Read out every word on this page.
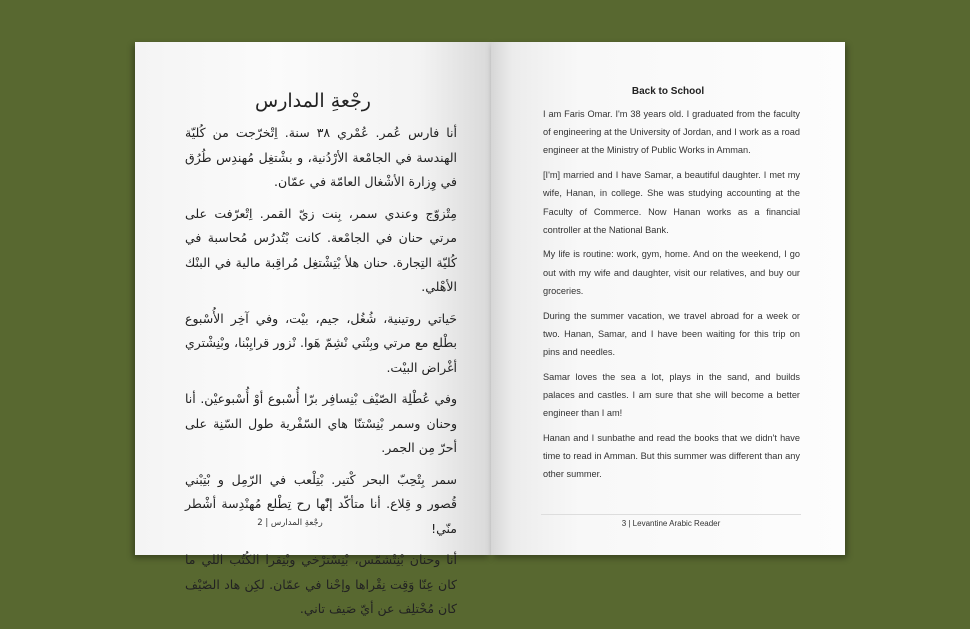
رجْعةِ المدارس

أنا فارس عُمر. عُمْري ٣٨ سنة. اِتْخرّجت من كُليّة الهندسة في الجامْعة الأرْدُنية، و بشْتغِل مُهندِس طُرُق في وِزارة الأشْغال العامّة في عمّان.

مِتْزوّج وعندي سمر، بِنت زيّ القمر. اِتْعرّفت على مرتي حنان في الجامْعة. كانت بْتُدرُس مُحاسبة في كُليّة التِجارة. حنان هلأ بْتِشْتغِل مُراقِبة مالية في البنْك الأهْلي.

حَياتي روتينية، شُغُل، جيم، بيْت، وفي آخِر الأُسْبوع بطْلع مع مرتي وبِنْتي نْشِمّ هَوا. نْزور قرايِبْنا، وبْنِشْتري أغْراض البيْت.

وفي عُطْلِة الصّيْف بْنِسافِر برّا أُسْبوع أوْ أُسْبوعيْن. أنا وحنان وسمر بْنِسْتنّا هاي السّفْرية طول السّنِة على أحرّ مِن الجمر.

سمر بِتْحِبّ البحر كْتير. بْتِلْعب في الرّمِل و بْتِبْني قُصور و قِلاع. أنا متأكّد إنّْها رح تِطْلع مُهنْدِسة أشْطر منّي!

أنا وحنان بْنِتْشمّس، بْنِسْترْخي وبْنِقرا الكُتُب اللي ما كان عِنّا وَقِت نِقْراها وإحْنا في عمّان. لكِن هاد الصّيْف كان مُخْتلِف عن أيّ صَيف تاني.

رجْعةِ المدارس | 2
Back to School

I am Faris Omar. I'm 38 years old. I graduated from the faculty of engineering at the University of Jordan, and I work as a road engineer at the Ministry of Public Works in Amman.

[I'm] married and I have Samar, a beautiful daughter. I met my wife, Hanan, in college. She was studying accounting at the Faculty of Commerce. Now Hanan works as a financial controller at the National Bank.

My life is routine: work, gym, home. And on the weekend, I go out with my wife and daughter, visit our relatives, and buy our groceries.

During the summer vacation, we travel abroad for a week or two. Hanan, Samar, and I have been waiting for this trip on pins and needles.

Samar loves the sea a lot, plays in the sand, and builds palaces and castles. I am sure that she will become a better engineer than I am!

Hanan and I sunbathe and read the books that we didn't have time to read in Amman. But this summer was different than any other summer.

3 | Levantine Arabic Reader
